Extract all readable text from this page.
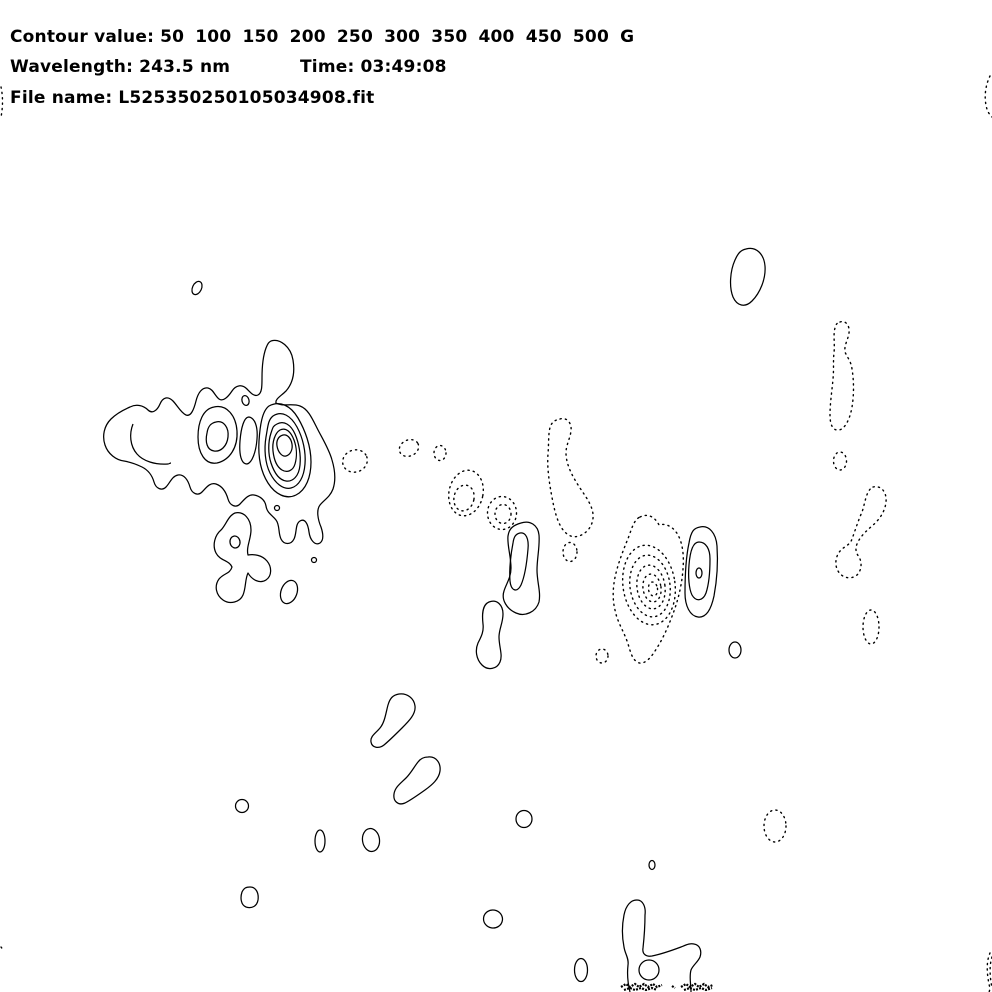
Contour value: 50 100 150 200 250 300 350 400 450 500 G
Wavelength: 243.5 nm	Time: 03:49:08
File name: L525350250105034908.fit
